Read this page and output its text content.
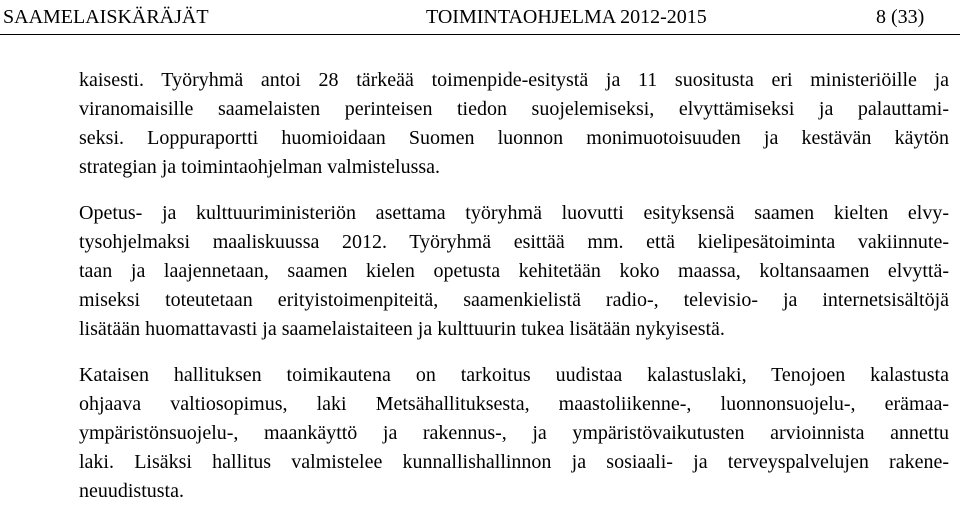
SAAMELAISKÄRÄJÄT	TOIMINTAOHJELMA 2012-2015	8 (33)
kaisesti. Työryhmä antoi 28 tärkeää toimenpide-esitystä ja 11 suositusta eri ministeriöille ja
viranomaisille saamelaisten perinteisen tiedon suojelemiseksi, elvyttämiseksi ja palauttami-
seksi. Loppuraportti huomioidaan Suomen luonnon monimuotoisuuden ja kestävän käytön
strategian ja toimintaohjelman valmistelussa.
Opetus- ja kulttuuriministeriön asettama työryhmä luovutti esityksensä saamen kielten elvy-
tysohjelmaksi maaliskuussa 2012. Työryhmä esittää mm. että kielipesätoiminta vakiinnute-
taan ja laajennetaan, saamen kielen opetusta kehitetään koko maassa, koltansaamen elvyttä-
miseksi toteutetaan erityistoimenpiteitä, saamenkielistä radio-, televisio- ja internetsisältöjä
lisätään huomattavasti ja saamelaistaiteen ja kulttuurin tukea lisätään nykyisestä.
Kataisen hallituksen toimikautena on tarkoitus uudistaa kalastuslaki, Tenojoen kalastusta
ohjaava valtiosopimus, laki Metsähallituksesta, maastoliikenne-, luonnonsuojelu-, erämaa-
ympäristönsuojelu-, maankäyttö ja rakennus-, ja ympäristövaikutusten arvioinnista annettu
laki. Lisäksi hallitus valmistelee kunnallishallinnon ja sosiaali- ja terveyspalvelujen rakene-
neuudistusta.
